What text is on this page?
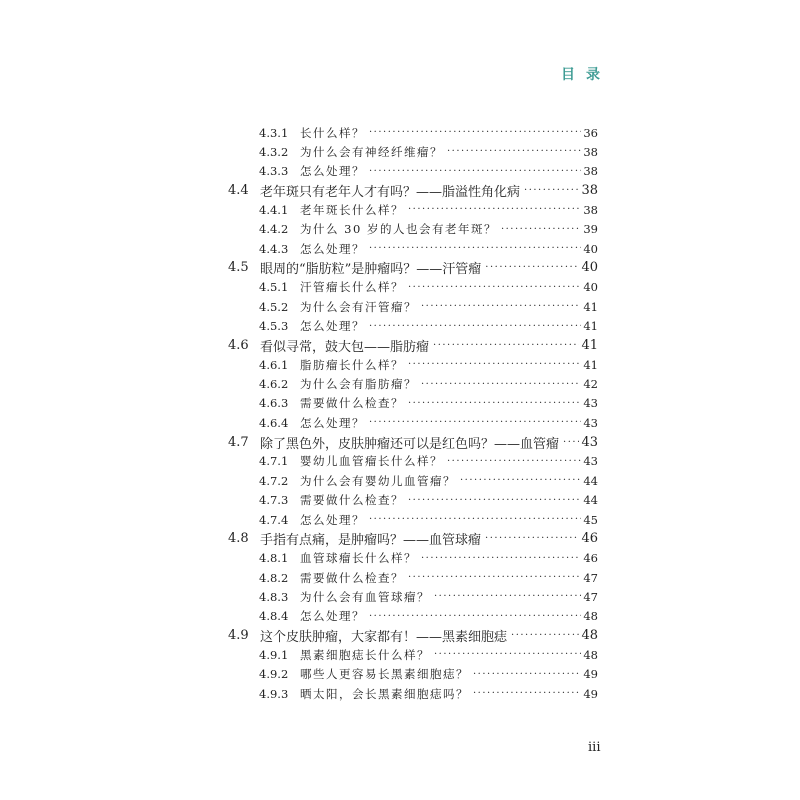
目录
4.3.1	长什么样？ ·····	36
4.3.2	为什么会有神经纤维瘤？ ·····	38
4.3.3	怎么处理？ ·····	38
4.4 老年斑只有老年人才有吗？——脂溢性角化病 ·····	38
4.4.1	老年斑长什么样？ ·····	38
4.4.2	为什么 30 岁的人也会有老年斑？ ·····	39
4.4.3	怎么处理？ ·····	40
4.5 眼周的“脂肪粒”是肿瘤吗？——汗管瘤 ·····	40
4.5.1	汗管瘤长什么样？ ·····	40
4.5.2	为什么会有汗管瘤？ ·····	41
4.5.3	怎么处理？ ·····	41
4.6 看似寻常，鼓大包——脂肪瘤 ·····	41
4.6.1	脂肪瘤长什么样？ ·····	41
4.6.2	为什么会有脂肪瘤？ ·····	42
4.6.3	需要做什么检查？ ·····	43
4.6.4	怎么处理？ ·····	43
4.7 除了黑色外，皮肤肿瘤还可以是红色吗？——血管瘤 ····· 43
4.7.1	婴幼儿血管瘤长什么样？ ·····	43
4.7.2	为什么会有婴幼儿血管瘤？ ·····	44
4.7.3	需要做什么检查？ ·····	44
4.7.4	怎么处理？ ·····	45
4.8 手指有点痛，是肿瘤吗？——血管球瘤 ·····	46
4.8.1	血管球瘤长什么样？ ·····	46
4.8.2	需要做什么检查？ ·····	47
4.8.3	为什么会有血管球瘤？ ·····	47
4.8.4	怎么处理？ ·····	48
4.9 这个皮肤肿瘤，大家都有！——黑素细胞痣 ·····	48
4.9.1	黑素细胞痣长什么样？ ·····	48
4.9.2	哪些人更容易长黑素细胞痣？ ·····	49
4.9.3	晒太阳，会长黑素细胞痣吗？ ·····	49
iii
